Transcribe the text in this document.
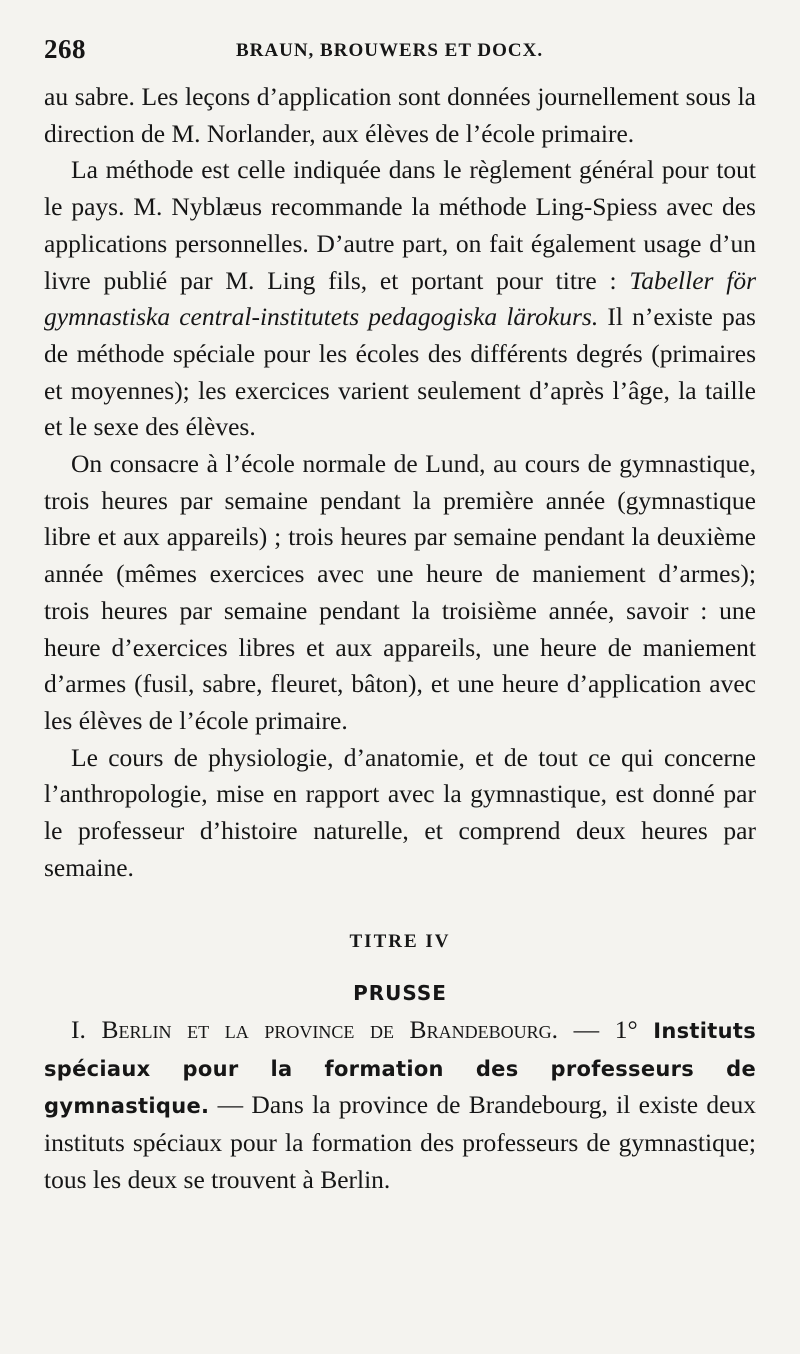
268	BRAUN, BROUWERS ET DOCX.

au sabre. Les leçons d’application sont données journellement sous la direction de M. Norlander, aux élèves de l’école primaire.

La méthode est celle indiquée dans le règlement général pour tout le pays. M. Nyblæus recommande la méthode Ling-Spiess avec des applications personnelles. D’autre part, on fait également usage d’un livre publié par M. Ling fils, et portant pour titre : Tabeller för gymnastiska central-institutets pedagogiska lärokurs. Il n’existe pas de méthode spéciale pour les écoles des différents degrés (primaires et moyennes); les exercices varient seulement d’après l’âge, la taille et le sexe des élèves.

On consacre à l’école normale de Lund, au cours de gymnastique, trois heures par semaine pendant la première année (gymnastique libre et aux appareils) ; trois heures par semaine pendant la deuxième année (mêmes exercices avec une heure de maniement d’armes); trois heures par semaine pendant la troisième année, savoir : une heure d’exercices libres et aux appareils, une heure de maniement d’armes (fusil, sabre, fleuret, bâton), et une heure d’application avec les élèves de l’école primaire.

Le cours de physiologie, d’anatomie, et de tout ce qui concerne l’anthropologie, mise en rapport avec la gymnastique, est donné par le professeur d’histoire naturelle, et comprend deux heures par semaine.

TITRE IV

PRUSSE

I. Berlin et la province de Brandebourg. — 1° Instituts spéciaux pour la formation des professeurs de gymnastique. — Dans la province de Brandebourg, il existe deux instituts spéciaux pour la formation des professeurs de gymnastique; tous les deux se trouvent à Berlin.
